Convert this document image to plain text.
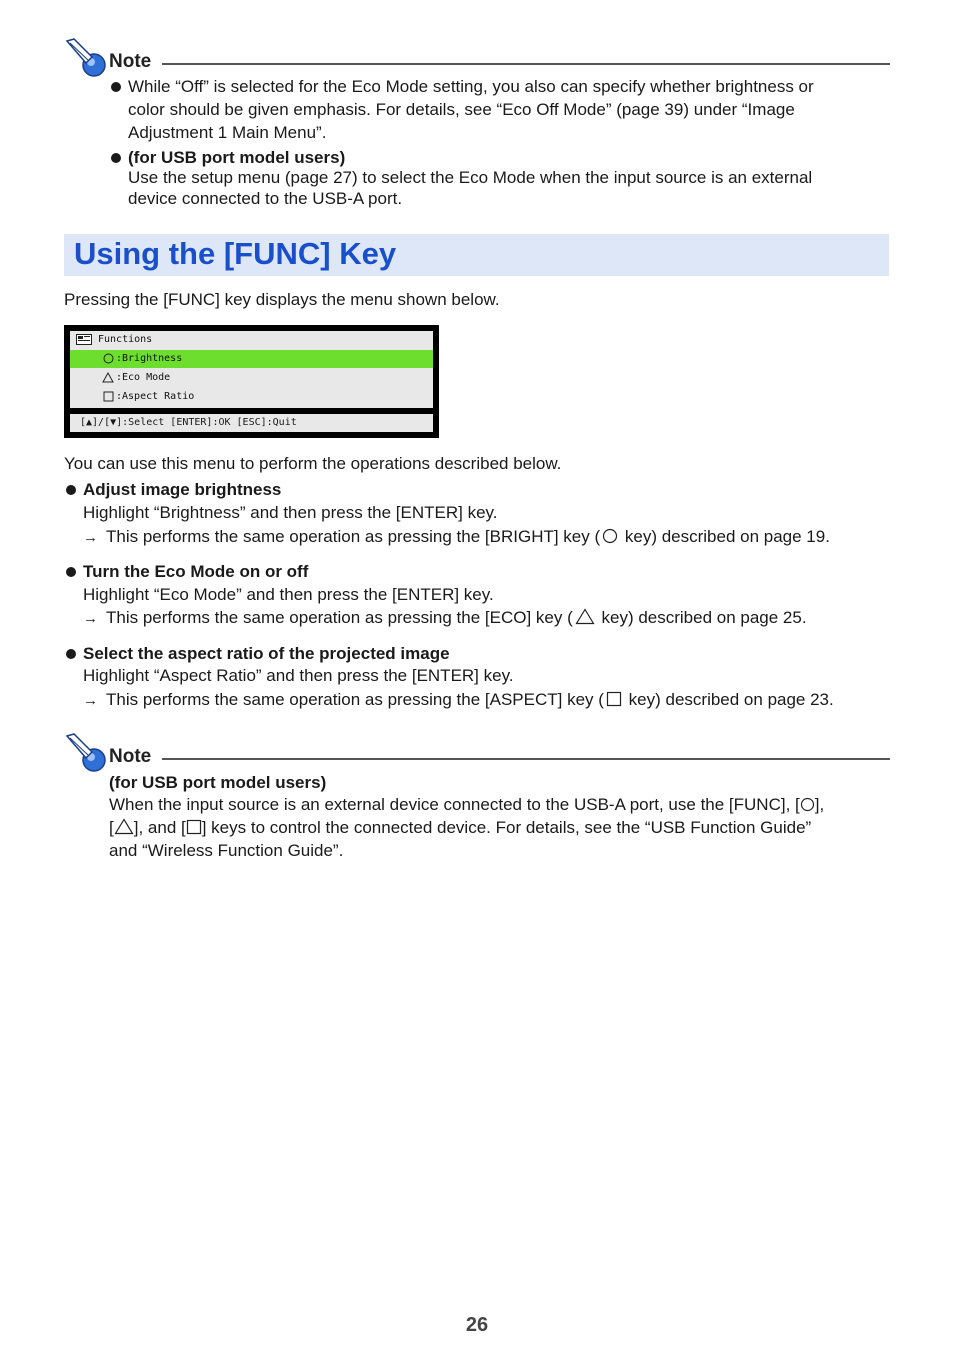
Note
While “Off” is selected for the Eco Mode setting, you also can specify whether brightness or
color should be given emphasis. For details, see “Eco Off Mode” (page 39) under “Image
Adjustment 1 Main Menu”.
(for USB port model users)
Use the setup menu (page 27) to select the Eco Mode when the input source is an external
device connected to the USB-A port.
Using the [FUNC] Key
Pressing the [FUNC] key displays the menu shown below.
Functions
:Brightness
:Eco Mode
:Aspect Ratio
[▲]/[▼]:Select [ENTER]:OK [ESC]:Quit
You can use this menu to perform the operations described below.
Adjust image brightness
Highlight “Brightness” and then press the [ENTER] key.
→ This performs the same operation as pressing the [BRIGHT] key ( key) described on page 19.
Turn the Eco Mode on or off
Highlight “Eco Mode” and then press the [ENTER] key.
→ This performs the same operation as pressing the [ECO] key ( key) described on page 25.
Select the aspect ratio of the projected image
Highlight “Aspect Ratio” and then press the [ENTER] key.
→ This performs the same operation as pressing the [ASPECT] key ( key) described on page 23.
Note
(for USB port model users)
When the input source is an external device connected to the USB-A port, use the [FUNC], [ ],
[ ], and [ ] keys to control the connected device. For details, see the “USB Function Guide”
and “Wireless Function Guide”.
26
